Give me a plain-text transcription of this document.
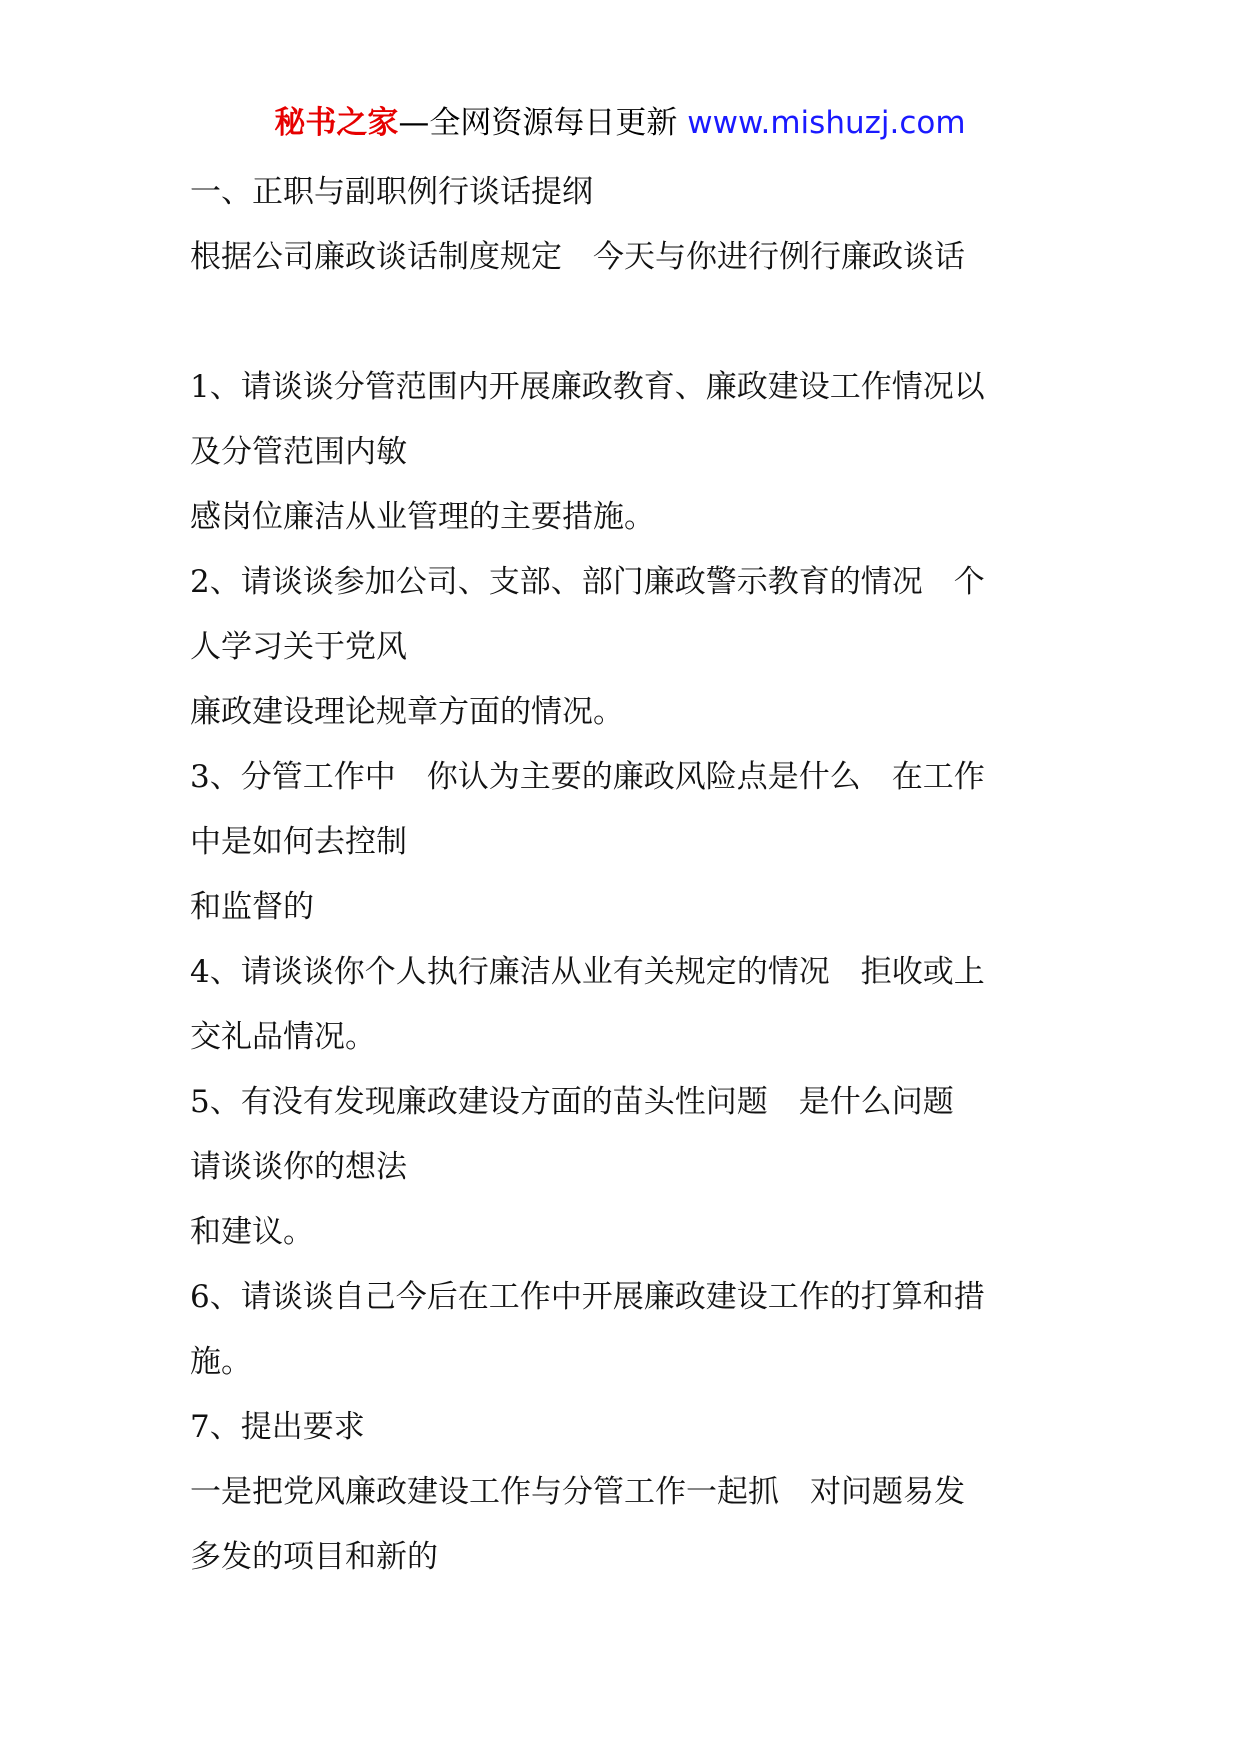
秘书之家—全网资源每日更新 www.mishuzj.com
一、正职与副职例行谈话提纲
根据公司廉政谈话制度规定　今天与你进行例行廉政谈话
1、请谈谈分管范围内开展廉政教育、廉政建设工作情况以
及分管范围内敏
感岗位廉洁从业管理的主要措施。
2、请谈谈参加公司、支部、部门廉政警示教育的情况　个
人学习关于党风
廉政建设理论规章方面的情况。
3、分管工作中　你认为主要的廉政风险点是什么　在工作
中是如何去控制
和监督的
4、请谈谈你个人执行廉洁从业有关规定的情况　拒收或上
交礼品情况。
5、有没有发现廉政建设方面的苗头性问题　是什么问题
请谈谈你的想法
和建议。
6、请谈谈自己今后在工作中开展廉政建设工作的打算和措
施。
7、提出要求
一是把党风廉政建设工作与分管工作一起抓　对问题易发
多发的项目和新的
